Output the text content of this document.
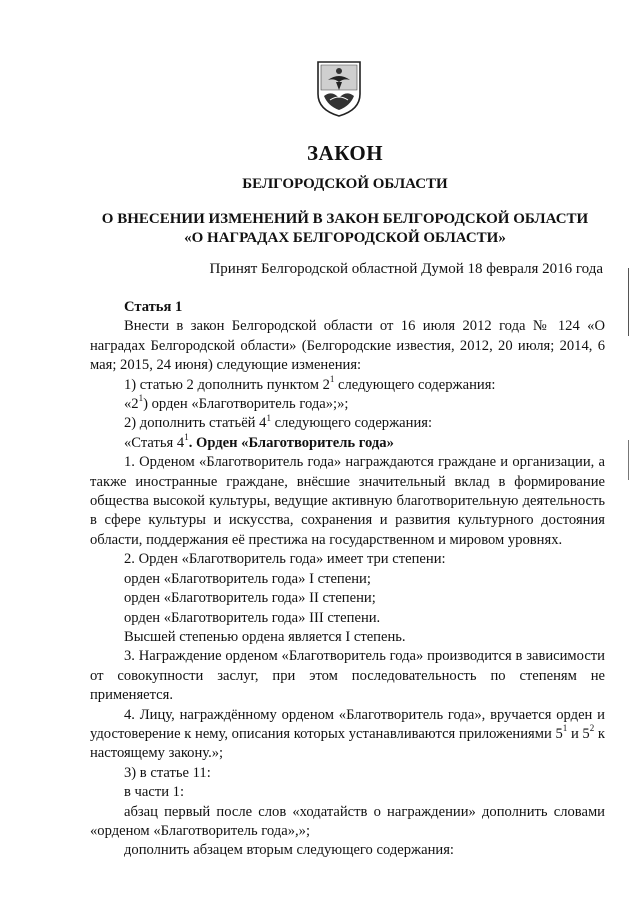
ЗАКОН
БЕЛГОРОДСКОЙ ОБЛАСТИ
О ВНЕСЕНИИ ИЗМЕНЕНИЙ В ЗАКОН БЕЛГОРОДСКОЙ ОБЛАСТИ
«О НАГРАДАХ БЕЛГОРОДСКОЙ ОБЛАСТИ»
Принят Белгородской областной Думой 18 февраля 2016 года

Статья 1

Внести в закон Белгородской области от 16 июля 2012 года № 124 «О наградах Белгородской области» (Белгородские известия, 2012, 20 июля; 2014, 6 мая; 2015, 24 июня) следующие изменения:

1) статью 2 дополнить пунктом $2^1$ следующего содержания:

«$2^1$) орден «Благотворитель года»;»;

2) дополнить статьёй $4^1$ следующего содержания:

«Статья $4^1$. Орден «Благотворитель года»

1. Орденом «Благотворитель года» награждаются граждане и организации, а также иностранные граждане, внёсшие значительный вклад в формирование общества высокой культуры, ведущие активную благотворительную деятельность в сфере культуры и искусства, сохранения и развития культурного достояния области, поддержания её престижа на государственном и мировом уровнях.

2. Орден «Благотворитель года» имеет три степени:

орден «Благотворитель года» I степени;

орден «Благотворитель года» II степени;

орден «Благотворитель года» III степени.

Высшей степенью ордена является I степень.

3. Награждение орденом «Благотворитель года» производится в зависимости от совокупности заслуг, при этом последовательность по степеням не применяется.

4. Лицу, награждённому орденом «Благотворитель года», вручается орден и удостоверение к нему, описания которых устанавливаются приложениями $5^1$ и $5^2$ к настоящему закону.»;

3) в статье 11:

в части 1:

абзац первый после слов «ходатайств о награждении» дополнить словами «орденом «Благотворитель года»,»;

дополнить абзацем вторым следующего содержания:
